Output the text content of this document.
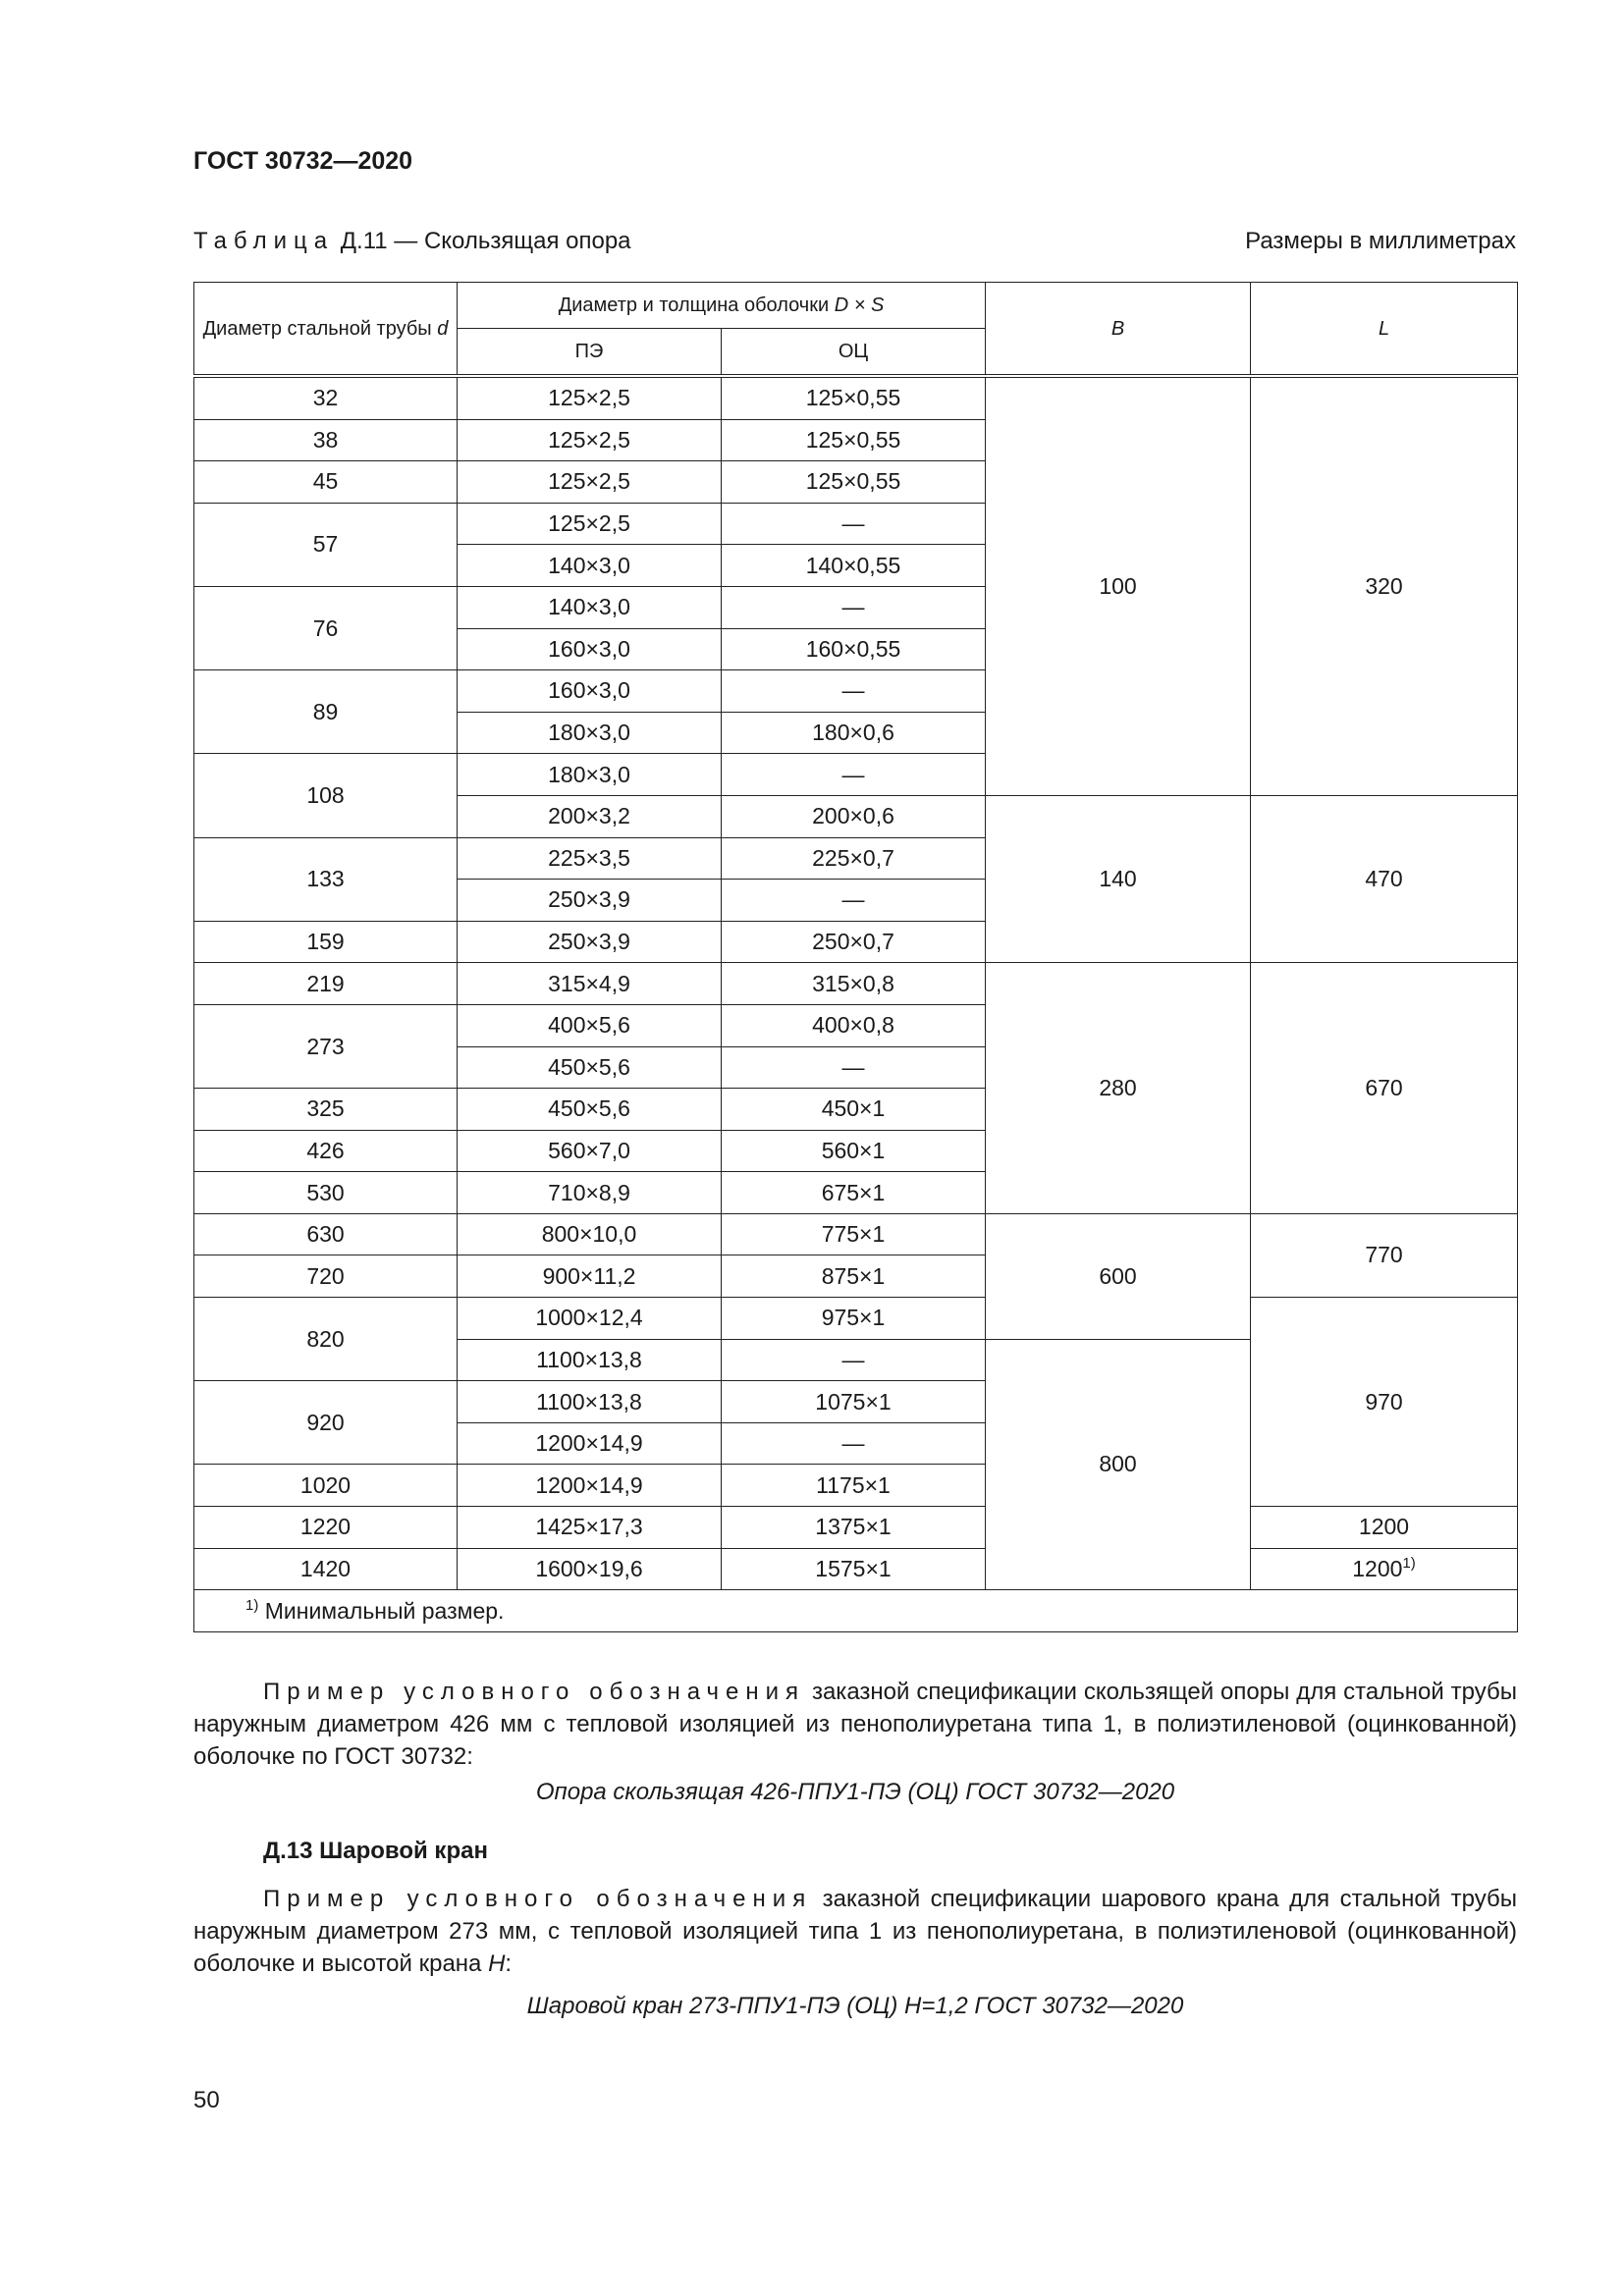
ГОСТ 30732—2020
Таблица Д.11 — Скользящая опора	Размеры в миллиметрах
Диаметр стальной трубы d	Диаметр и толщина оболочки D × S		B	L
	ПЭ	ОЦ		
32	125×2,5	125×0,55	100	320
38	125×2,5	125×0,55		
45	125×2,5	125×0,55		
57	125×2,5	—		
	140×3,0	140×0,55		
76	140×3,0	—		
	160×3,0	160×0,55		
89	160×3,0	—		
	180×3,0	180×0,6		
108	180×3,0	—		
	200×3,2	200×0,6	140	470
133	225×3,5	225×0,7		
	250×3,9	—		
159	250×3,9	250×0,7		
219	315×4,9	315×0,8	280	670
273	400×5,6	400×0,8		
	450×5,6	—		
325	450×5,6	450×1		
426	560×7,0	560×1		
530	710×8,9	675×1		
630	800×10,0	775×1	600	770
720	900×11,2	875×1		
820	1000×12,4	975×1		970
	1100×13,8	—	800	
920	1100×13,8	1075×1		
	1200×14,9	—		
1020	1200×14,9	1175×1		
1220	1425×17,3	1375×1		1200
1420	1600×19,6	1575×1		1200$^{1)}$
$^{1)}$ Минимальный размер.				
Пример условного обозначения заказной спецификации скользящей опоры для стальной трубы наружным диаметром 426 мм с тепловой изоляцией из пенополиуретана типа 1, в полиэтиленовой (оцинкованной) оболочке по ГОСТ 30732:
Опора скользящая 426-ППУ1-ПЭ (ОЦ) ГОСТ 30732—2020
Д.13 Шаровой кран
Пример условного обозначения заказной спецификации шарового крана для стальной трубы наружным диаметром 273 мм, с тепловой изоляцией типа 1 из пенополиуретана, в полиэтиленовой (оцинкованной) оболочке и высотой крана H:
Шаровой кран 273-ППУ1-ПЭ (ОЦ) H=1,2 ГОСТ 30732—2020
50
